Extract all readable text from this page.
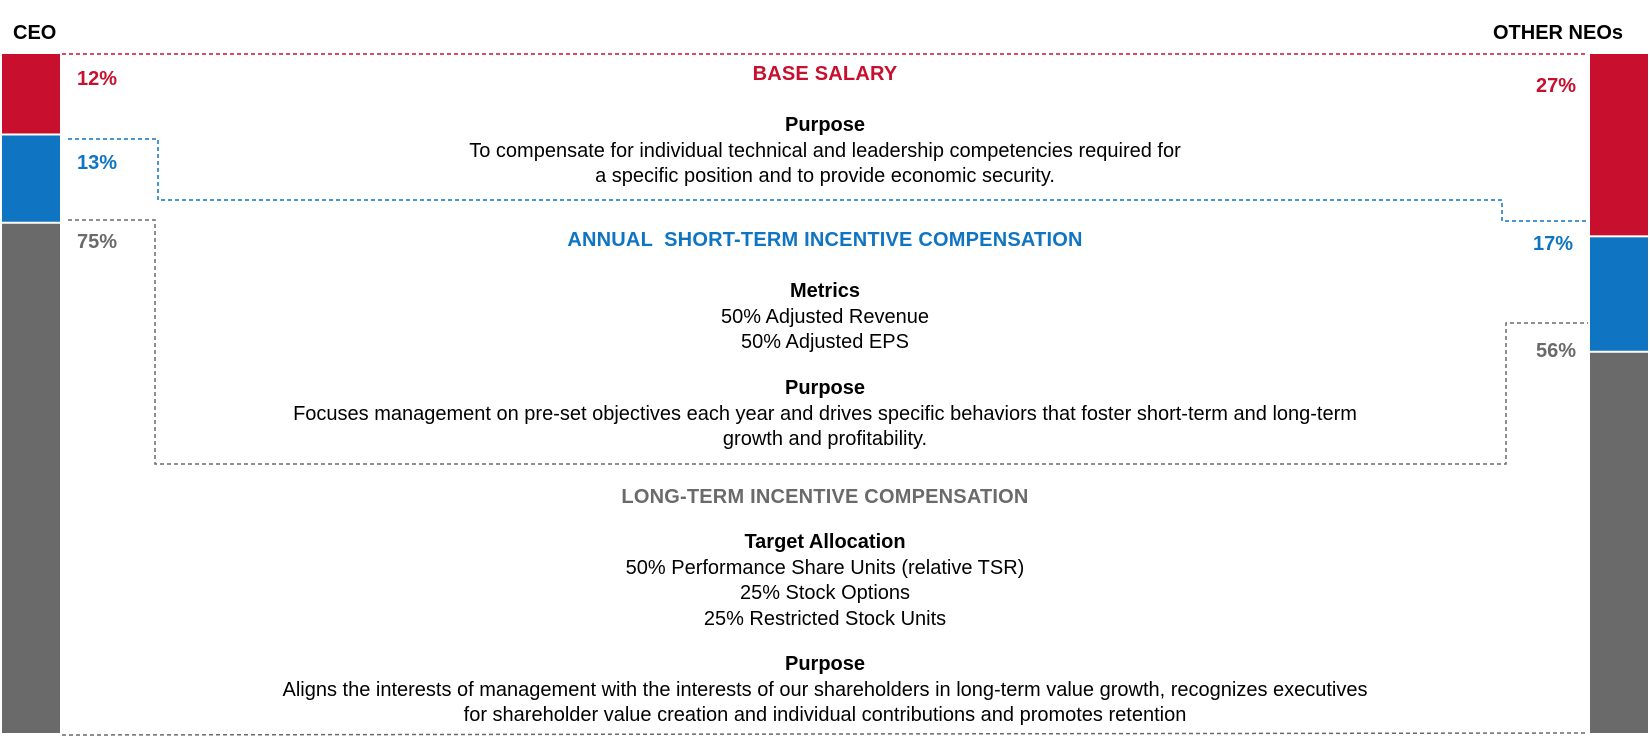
CEO	OTHER NEOs
12%
13%
75%
27%
17%
56%
BASE SALARY
Purpose
To compensate for individual technical and leadership competencies required for
a specific position and to provide economic security.
ANNUAL  SHORT-TERM INCENTIVE COMPENSATION
Metrics
50% Adjusted Revenue
50% Adjusted EPS
Purpose
Focuses management on pre-set objectives each year and drives specific behaviors that foster short-term and long-term
growth and profitability.
LONG-TERM INCENTIVE COMPENSATION
Target Allocation
50% Performance Share Units (relative TSR)
25% Stock Options
25% Restricted Stock Units
Purpose
Aligns the interests of management with the interests of our shareholders in long-term value growth, recognizes executives
for shareholder value creation and individual contributions and promotes retention
